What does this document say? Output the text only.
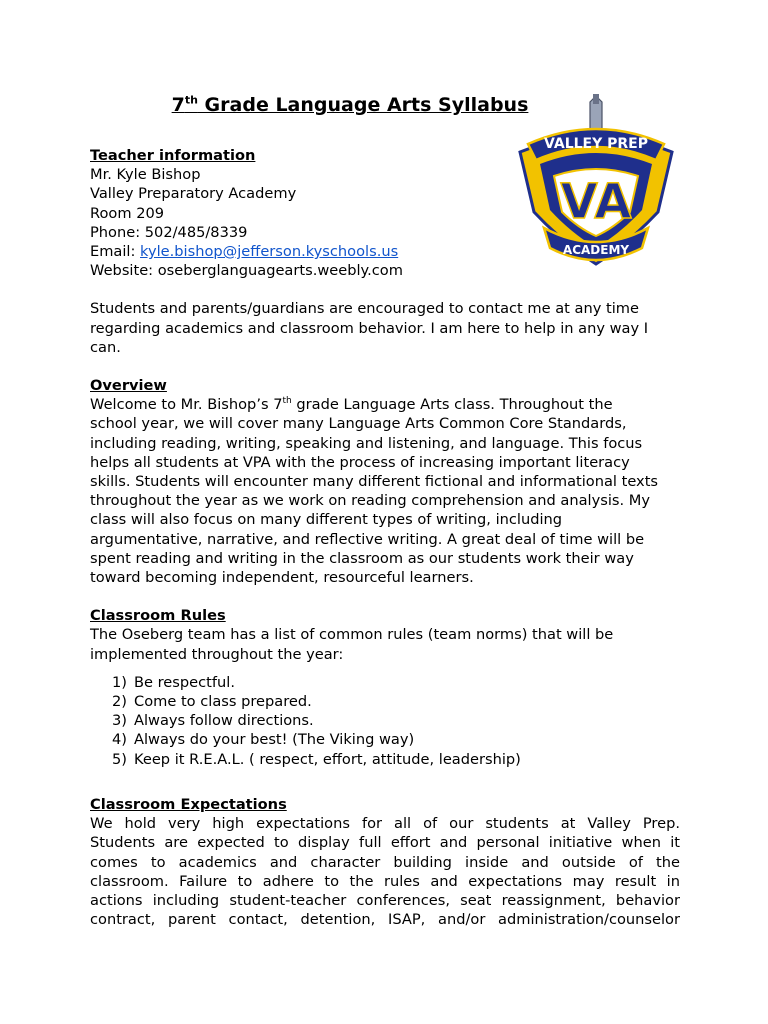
7th Grade Language Arts Syllabus
VALLEY PREP
VA
ACADEMY
Teacher information
Mr. Kyle Bishop
Valley Preparatory Academy
Room 209
Phone: 502/485/8339
Email: kyle.bishop@jefferson.kyschools.us
Website: oseberglanguagearts.weebly.com
Students and parents/guardians are encouraged to contact me at any time
regarding academics and classroom behavior. I am here to help in any way I
can.
Overview
Welcome to Mr. Bishop’s 7th grade Language Arts class. Throughout the
school year, we will cover many Language Arts Common Core Standards,
including reading, writing, speaking and listening, and language. This focus
helps all students at VPA with the process of increasing important literacy
skills. Students will encounter many different fictional and informational texts
throughout the year as we work on reading comprehension and analysis. My
class will also focus on many different types of writing, including
argumentative, narrative, and reflective writing. A great deal of time will be
spent reading and writing in the classroom as our students work their way
toward becoming independent, resourceful learners.
Classroom Rules
The Oseberg team has a list of common rules (team norms) that will be
implemented throughout the year:
1) Be respectful.
2) Come to class prepared.
3) Always follow directions.
4) Always do your best! (The Viking way)
5) Keep it R.E.A.L. ( respect, effort, attitude, leadership)
Classroom Expectations
We hold very high expectations for all of our students at Valley Prep.
Students are expected to display full effort and personal initiative when it
comes to academics and character building inside and outside of the
classroom. Failure to adhere to the rules and expectations may result in
actions including student-teacher conferences, seat reassignment, behavior
contract, parent contact, detention, ISAP, and/or administration/counselor
